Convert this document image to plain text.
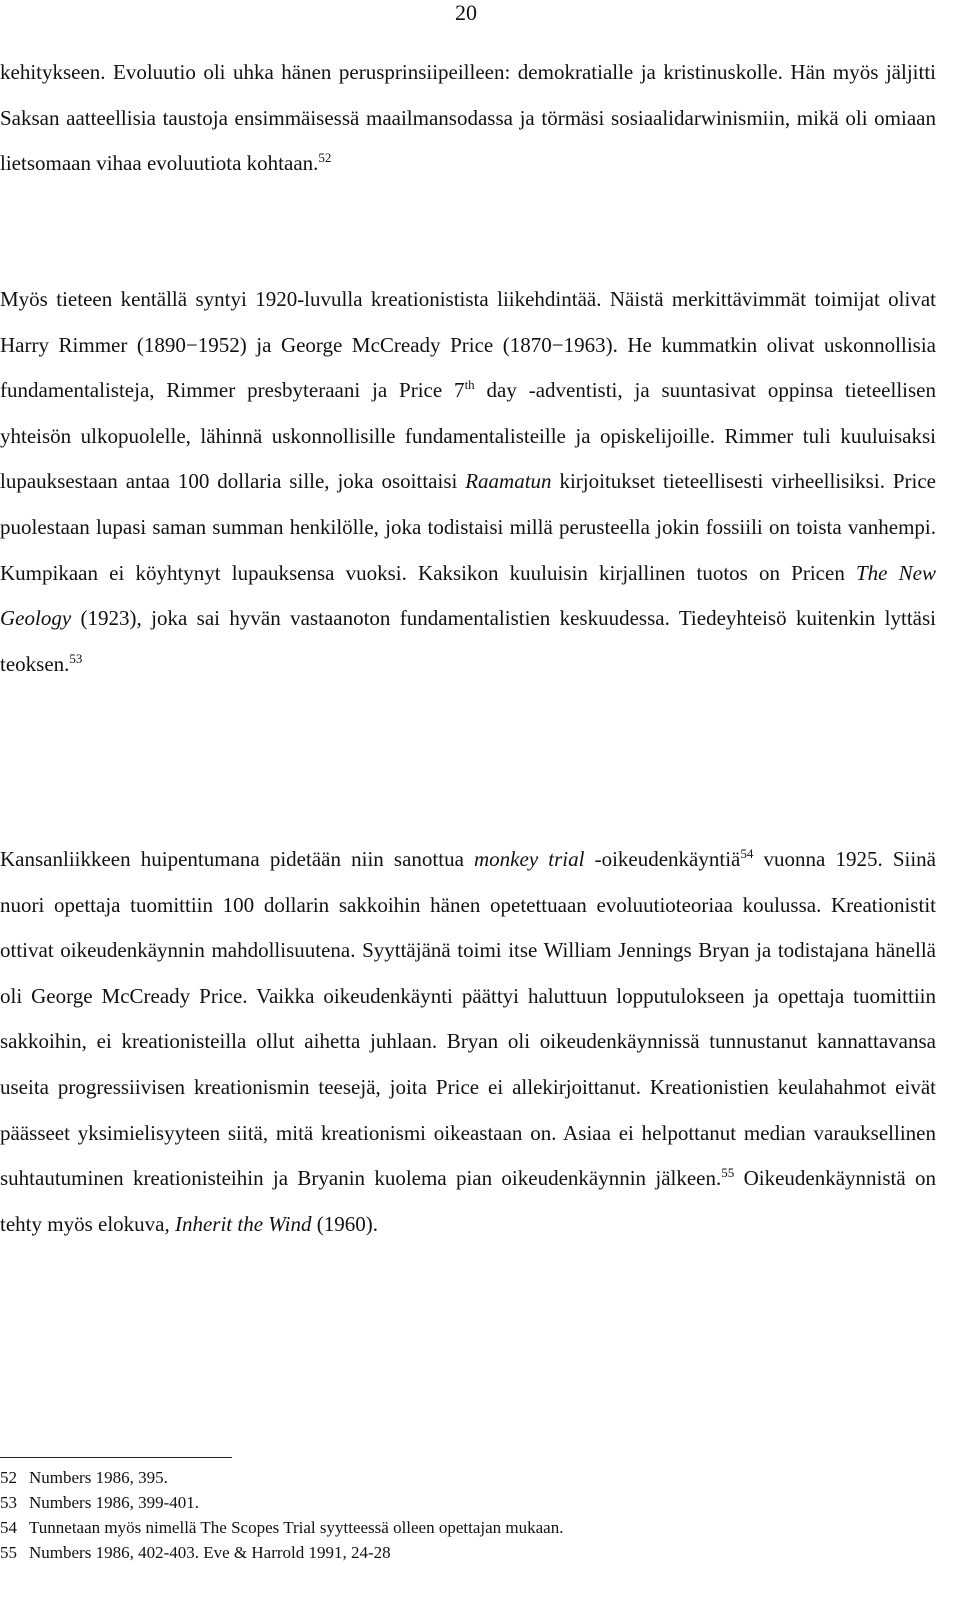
20

kehitykseen. Evoluutio oli uhka hänen perusprinsiipeilleen: demokratialle ja kristinuskolle. Hän myös jäljitti Saksan aatteellisia taustoja ensimmäisessä maailmansodassa ja törmäsi sosiaalidarwinismiin, mikä oli omiaan lietsomaan vihaa evoluutiota kohtaan.$^{52}$

Myös tieteen kentällä syntyi 1920-luvulla kreationistista liikehdintää. Näistä merkittävimmät toimijat olivat Harry Rimmer (1890−1952) ja George McCready Price (1870−1963). He kummatkin olivat uskonnollisia fundamentalisteja, Rimmer presbyteraani ja Price 7th day -adventisti, ja suuntasivat oppinsa tieteellisen yhteisön ulkopuolelle, lähinnä uskonnollisille fundamentalisteille ja opiskelijoille. Rimmer tuli kuuluisaksi lupauksestaan antaa 100 dollaria sille, joka osoittaisi Raamatun kirjoitukset tieteellisesti virheellisiksi. Price puolestaan lupasi saman summan henkilölle, joka todistaisi millä perusteella jokin fossiili on toista vanhempi. Kumpikaan ei köyhtynyt lupauksensa vuoksi. Kaksikon kuuluisin kirjallinen tuotos on Pricen The New Geology (1923), joka sai hyvän vastaanoton fundamentalistien keskuudessa. Tiedeyhteisö kuitenkin lyttäsi teoksen.$^{53}$

Kansanliikkeen huipentumana pidetään niin sanottua monkey trial -oikeudenkäyntiä$^{54}$ vuonna 1925. Siinä nuori opettaja tuomittiin 100 dollarin sakkoihin hänen opetettuaan evoluutioteoriaa koulussa. Kreationistit ottivat oikeudenkäynnin mahdollisuutena. Syyttäjänä toimi itse William Jennings Bryan ja todistajana hänellä oli George McCready Price. Vaikka oikeudenkäynti päättyi haluttuun lopputulokseen ja opettaja tuomittiin sakkoihin, ei kreationisteilla ollut aihetta juhlaan. Bryan oli oikeudenkäynnissä tunnustanut kannattavansa useita progressiivisen kreationismin teesejä, joita Price ei allekirjoittanut. Kreationistien keulahahmot eivät päässeet yksimielisyyteen siitä, mitä kreationismi oikeastaan on. Asiaa ei helpottanut median varauksellinen suhtautuminen kreationisteihin ja Bryanin kuolema pian oikeudenkäynnin jälkeen.$^{55}$ Oikeudenkäynnistä on tehty myös elokuva, Inherit the Wind (1960).

52 Numbers 1986, 395.
53 Numbers 1986, 399-401.
54 Tunnetaan myös nimellä The Scopes Trial syytteessä olleen opettajan mukaan.
55 Numbers 1986, 402-403. Eve & Harrold 1991, 24-28
